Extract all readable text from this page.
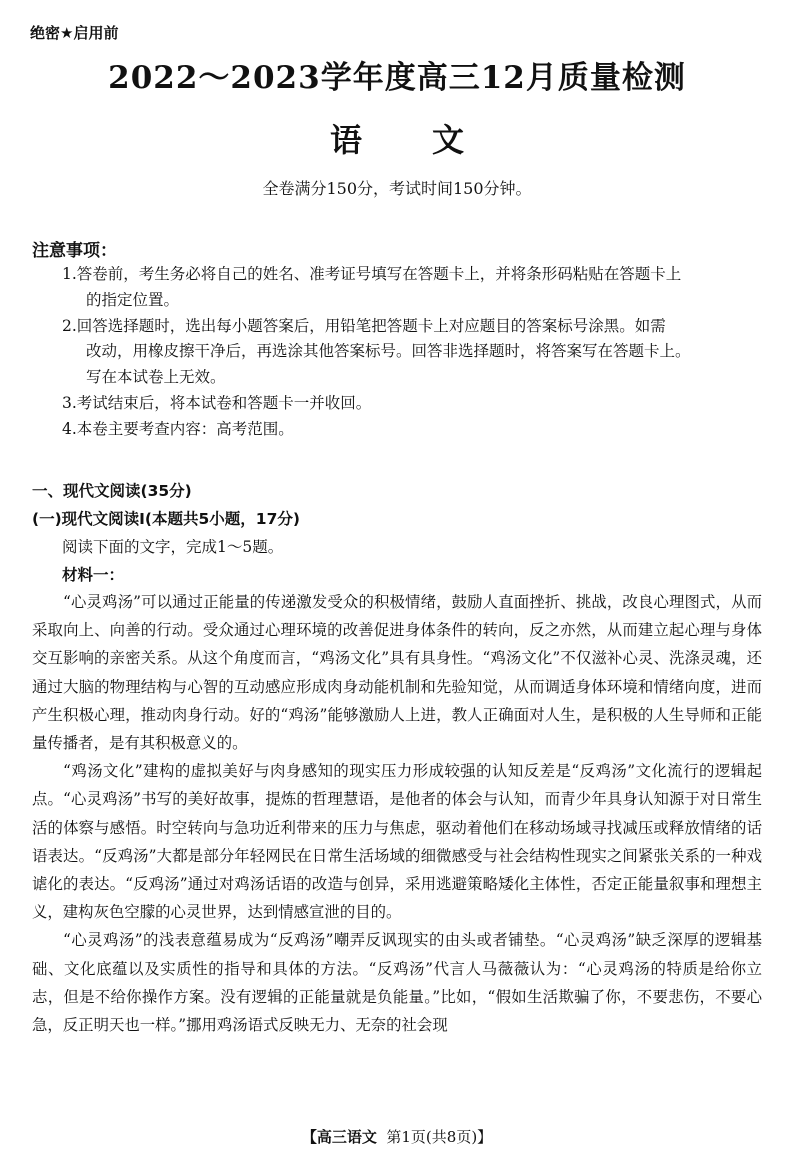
绝密★启用前
2022～2023学年度高三12月质量检测
语 文
全卷满分150分，考试时间150分钟。
注意事项：
1.答卷前，考生务必将自己的姓名、准考证号填写在答题卡上，并将条形码粘贴在答题卡上
的指定位置。
2.回答选择题时，选出每小题答案后，用铅笔把答题卡上对应题目的答案标号涂黑。如需
改动，用橡皮擦干净后，再选涂其他答案标号。回答非选择题时，将答案写在答题卡上。
写在本试卷上无效。
3.考试结束后，将本试卷和答题卡一并收回。
4.本卷主要考查内容：高考范围。
一、现代文阅读(35分)
(一)现代文阅读Ⅰ(本题共5小题，17分)
阅读下面的文字，完成1～5题。
材料一：

“心灵鸡汤”可以通过正能量的传递激发受众的积极情绪，鼓励人直面挫折、挑战，改良心理图式，从而采取向上、向善的行动。受众通过心理环境的改善促进身体条件的转向，反之亦然，从而建立起心理与身体交互影响的亲密关系。从这个角度而言，“鸡汤文化”具有具身性。“鸡汤文化”不仅滋补心灵、洗涤灵魂，还通过大脑的物理结构与心智的互动感应形成肉身动能机制和先验知觉，从而调适身体环境和情绪向度，进而产生积极心理，推动肉身行动。好的“鸡汤”能够激励人上进，教人正确面对人生，是积极的人生导师和正能量传播者，是有其积极意义的。

“鸡汤文化”建构的虚拟美好与肉身感知的现实压力形成较强的认知反差是“反鸡汤”文化流行的逻辑起点。“心灵鸡汤”书写的美好故事，提炼的哲理慧语，是他者的体会与认知，而青少年具身认知源于对日常生活的体察与感悟。时空转向与急功近利带来的压力与焦虑，驱动着他们在移动场域寻找减压或释放情绪的话语表达。“反鸡汤”大都是部分年轻网民在日常生活场域的细微感受与社会结构性现实之间紧张关系的一种戏谑化的表达。“反鸡汤”通过对鸡汤话语的改造与创异，采用逃避策略矮化主体性，否定正能量叙事和理想主义，建构灰色空朦的心灵世界，达到情感宣泄的目的。

“心灵鸡汤”的浅表意蕴易成为“反鸡汤”嘲弄反讽现实的由头或者铺垫。“心灵鸡汤”缺乏深厚的逻辑基础、文化底蕴以及实质性的指导和具体的方法。“反鸡汤”代言人马薇薇认为：“心灵鸡汤的特质是给你立志，但是不给你操作方案。没有逻辑的正能量就是负能量。”比如，“假如生活欺骗了你，不要悲伤，不要心急，反正明天也一样。”挪用鸡汤语式反映无力、无奈的社会现

【高三语文 第1页(共8页)】
